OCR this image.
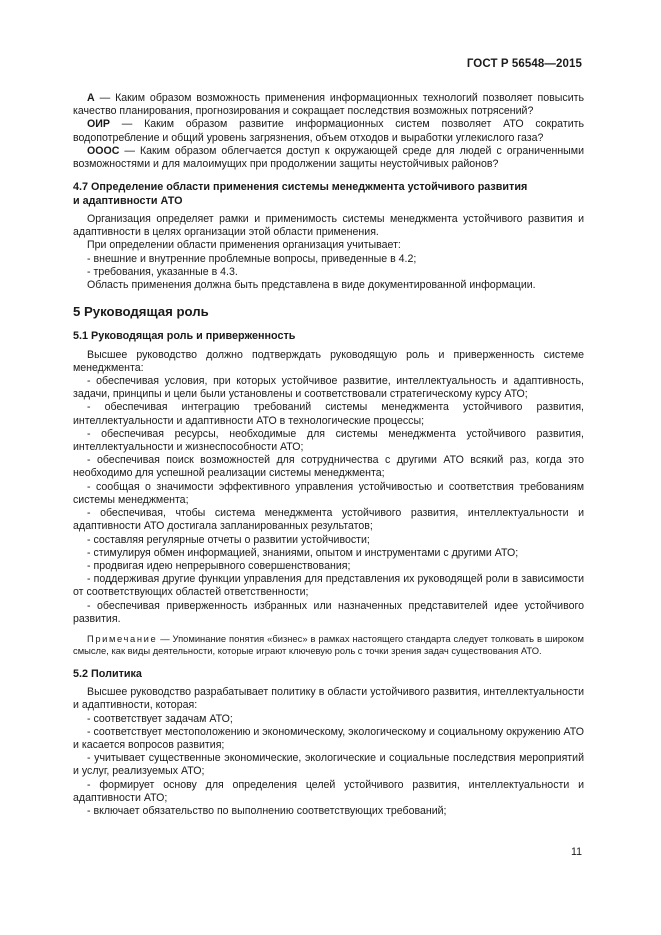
ГОСТ Р 56548—2015

А — Каким образом возможность применения информационных технологий позволяет повысить качество планирования, прогнозирования и сокращает последствия возможных потрясений?

ОИР — Каким образом развитие информационных систем позволяет АТО сократить водопотребление и общий уровень загрязнения, объем отходов и выработки углекислого газа?

ОООС — Каким образом облегчается доступ к окружающей среде для людей с ограниченными возможностями и для малоимущих при продолжении защиты неустойчивых районов?

4.7 Определение области применения системы менеджмента устойчивого развития
и адаптивности АТО

Организация определяет рамки и применимость системы менеджмента устойчивого развития и адаптивности в целях организации этой области применения.

При определении области применения организация учитывает:

- внешние и внутренние проблемные вопросы, приведенные в 4.2;

- требования, указанные в 4.3.

Область применения должна быть представлена в виде документированной информации.

5 Руководящая роль
5.1 Руководящая роль и приверженность

Высшее руководство должно подтверждать руководящую роль и приверженность системе менеджмента:

- обеспечивая условия, при которых устойчивое развитие, интеллектуальность и адаптивность, задачи, принципы и цели были установлены и соответствовали стратегическому курсу АТО;

- обеспечивая интеграцию требований системы менеджмента устойчивого развития, интеллектуальности и адаптивности АТО в технологические процессы;

- обеспечивая ресурсы, необходимые для системы менеджмента устойчивого развития, интеллектуальности и жизнеспособности АТО;

- обеспечивая поиск возможностей для сотрудничества с другими АТО всякий раз, когда это необходимо для успешной реализации системы менеджмента;

- сообщая о значимости эффективного управления устойчивостью и соответствия требованиям системы менеджмента;

- обеспечивая, чтобы система менеджмента устойчивого развития, интеллектуальности и адаптивности АТО достигала запланированных результатов;

- составляя регулярные отчеты о развитии устойчивости;

- стимулируя обмен информацией, знаниями, опытом и инструментами с другими АТО;

- продвигая идею непрерывного совершенствования;

- поддерживая другие функции управления для представления их руководящей роли в зависимости от соответствующих областей ответственности;

- обеспечивая приверженность избранных или назначенных представителей идее устойчивого развития.

Примечание — Упоминание понятия «бизнес» в рамках настоящего стандарта следует толковать в широком смысле, как виды деятельности, которые играют ключевую роль с точки зрения задач существования АТО.
5.2 Политика

Высшее руководство разрабатывает политику в области устойчивого развития, интеллектуальности и адаптивности, которая:

- соответствует задачам АТО;

- соответствует местоположению и экономическому, экологическому и социальному окружению АТО и касается вопросов развития;

- учитывает существенные экономические, экологические и социальные последствия мероприятий и услуг, реализуемых АТО;

- формирует основу для определения целей устойчивого развития, интеллектуальности и адаптивности АТО;

- включает обязательство по выполнению соответствующих требований;

11
